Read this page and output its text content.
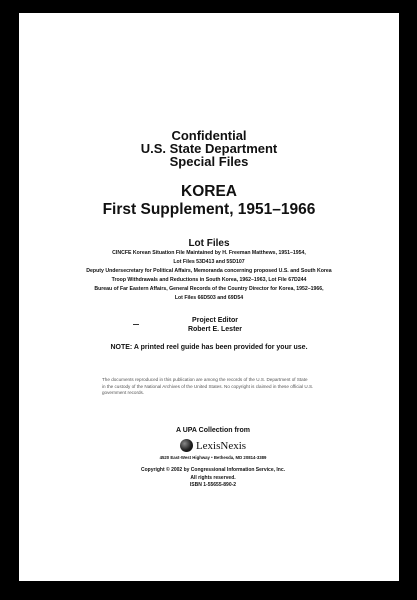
Confidential
U.S. State Department
Special Files
KOREA
First Supplement, 1951–1966
Lot Files
CINCFE Korean Situation File Maintained by H. Freeman Matthews, 1951–1954,
Lot Files 53D413 and 55D107
Deputy Undersecretary for Political Affairs, Memoranda concerning proposed U.S. and South Korea
Troop Withdrawals and Reductions in South Korea, 1962–1963, Lot File 67D244
Bureau of Far Eastern Affairs, General Records of the Country Director for Korea, 1952–1966,
Lot Files 66D503 and 69D54
Project Editor
Robert E. Lester
NOTE: A printed reel guide has been provided for your use.
The documents reproduced in this publication are among the records of the U.S. Department of State
in the custody of the National Archives of the United States. No copyright is claimed in these official U.S.
government records.
A UPA Collection from
LexisNexis
4520 East-West Highway • Bethesda, MD 20814-3389
Copyright © 2002 by Congressional Information Service, Inc.
All rights reserved.
ISBN 1-55655-890-2
